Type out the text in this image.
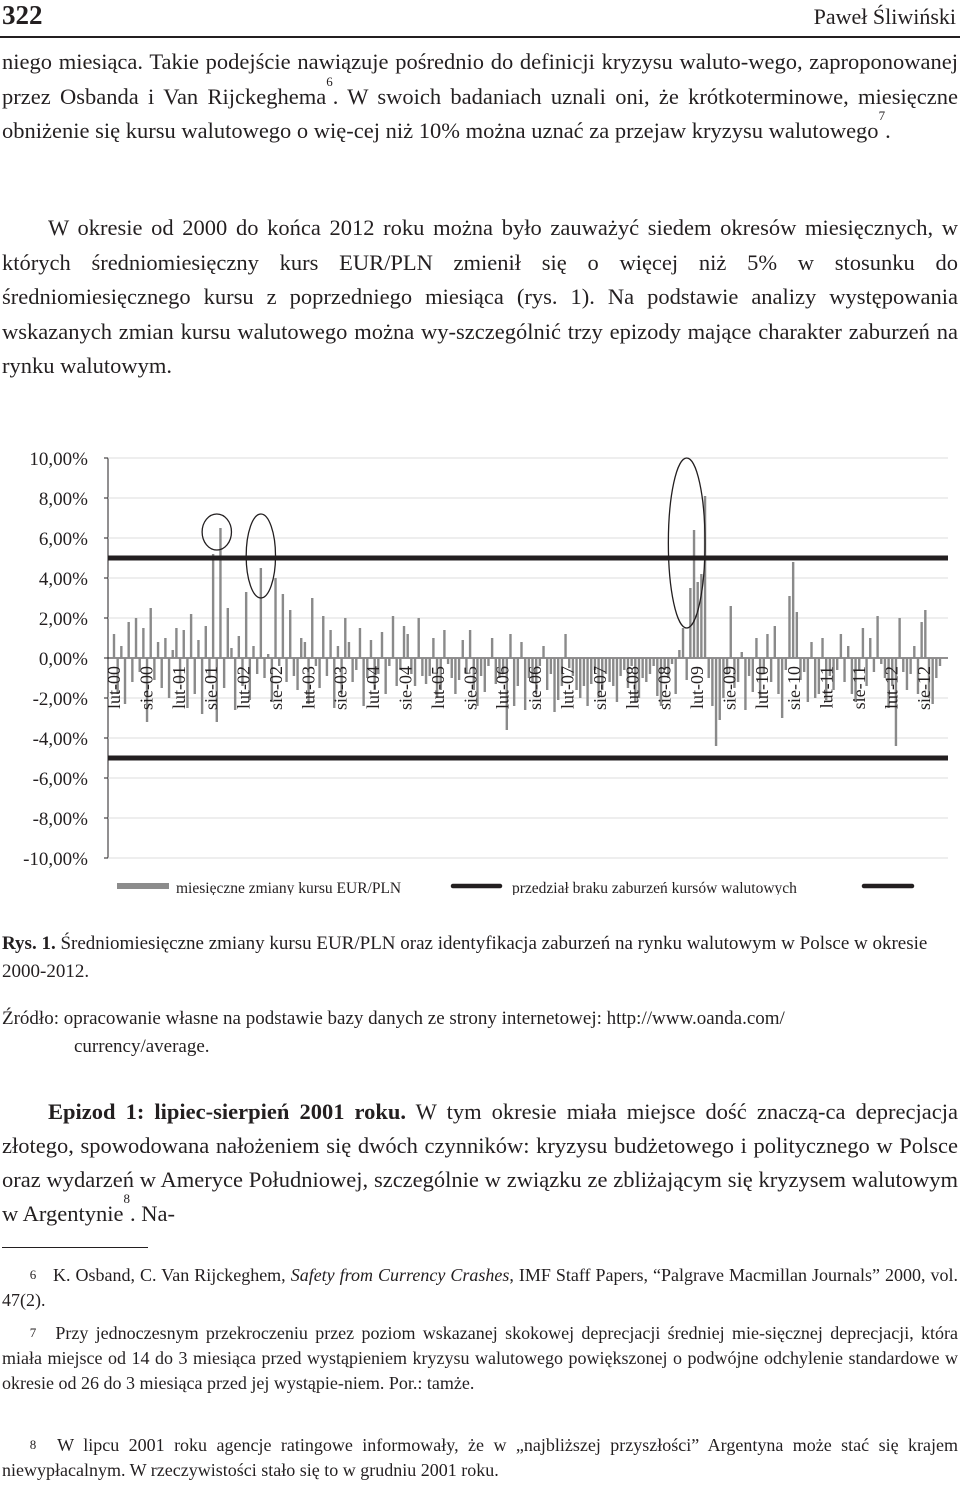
322	Paweł Śliwiński

niego miesiąca. Takie podejście nawiązuje pośrednio do definicji kryzysu waluto-wego, zaproponowanej przez Osbanda i Van Rijckeghema$^6$. W swoich badaniach uznali oni, że krótkoterminowe, miesięczne obniżenie się kursu walutowego o wię-cej niż 10% można uznać za przejaw kryzysu walutowego$^7$.

W okresie od 2000 do końca 2012 roku można było zauważyć siedem okresów miesięcznych, w których średniomiesięczny kurs EUR/PLN zmienił się o więcej niż 5% w stosunku do średniomiesięcznego kursu z poprzedniego miesiąca (rys. 1). Na podstawie analizy występowania wskazanych zmian kursu walutowego można wy-szczególnić trzy epizody mające charakter zaburzeń na rynku walutowym.

10,00%
8,00%
6,00%
4,00%
2,00%
0,00%
-2,00%
-4,00%
-6,00%
-8,00%
-10,00%
lut-00 sie-00 lut-01 sie-01 lut-02 sie-02 lut-03 sie-03 lut-04 sie-04 lut-05 sie-05 lut-06 sie-06 lut-07 sie-07 lut-08 sie-08 lut-09 sie-09 lut-10 sie-10 lut-11 sie-11 lut-12 sie-12
miesięczne zmiany kursu EUR/PLN	przedział braku zaburzeń kursów walutowych

Rys. 1. Średniomiesięczne zmiany kursu EUR/PLN oraz identyfikacja zaburzeń na rynku walutowym w Polsce w okresie 2000-2012.

Źródło: opracowanie własne na podstawie bazy danych ze strony internetowej: http://www.oanda.com/
currency/average.

Epizod 1: lipiec-sierpień 2001 roku. W tym okresie miała miejsce dość znaczą-ca deprecjacja złotego, spowodowana nałożeniem się dwóch czynników: kryzysu budżetowego i politycznego w Polsce oraz wydarzeń w Ameryce Południowej, szczególnie w związku ze zbliżającym się kryzysem walutowym w Argentynie$^8$. Na-

6 K. Osband, C. Van Rijckeghem, Safety from Currency Crashes, IMF Staff Papers, “Palgrave Macmillan Journals” 2000, vol. 47(2).

7 Przy jednoczesnym przekroczeniu przez poziom wskazanej skokowej deprecjacji średniej mie-sięcznej deprecjacji, która miała miejsce od 14 do 3 miesiąca przed wystąpieniem kryzysu walutowego powiększonej o podwójne odchylenie standardowe w okresie od 26 do 3 miesiąca przed jej wystąpie-niem. Por.: tamże.

8 W lipcu 2001 roku agencje ratingowe informowały, że w „najbliższej przyszłości” Argentyna może stać się krajem niewypłacalnym. W rzeczywistości stało się to w grudniu 2001 roku.
